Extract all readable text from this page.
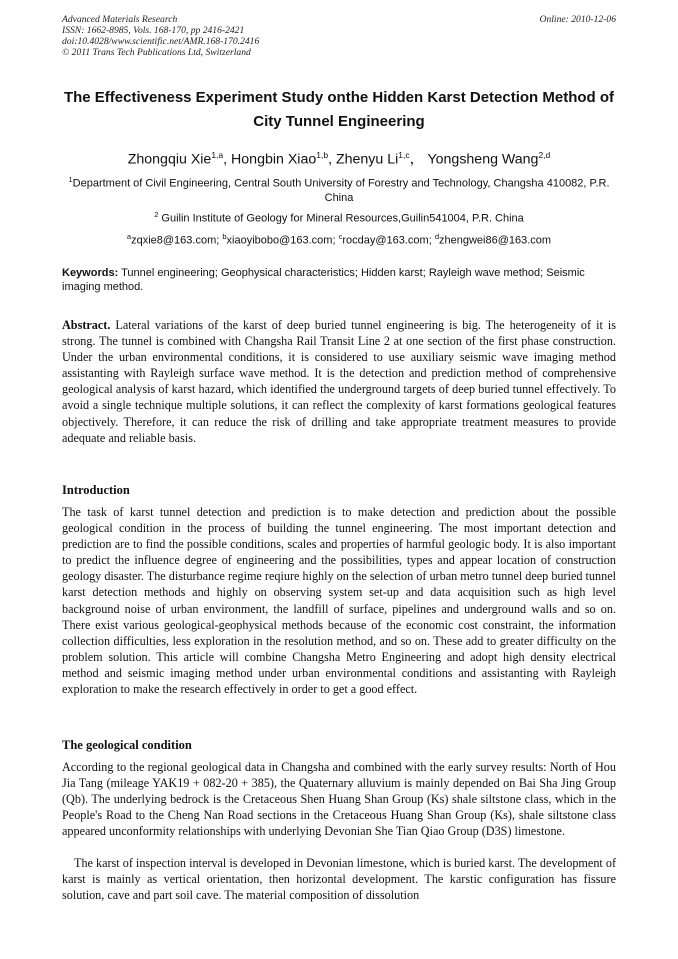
Advanced Materials Research
ISSN: 1662-8985, Vols. 168-170, pp 2416-2421
doi:10.4028/www.scientific.net/AMR.168-170.2416
© 2011 Trans Tech Publications Ltd, Switzerland
Online: 2010-12-06
The Effectiveness Experiment Study onthe Hidden Karst Detection Method of City Tunnel Engineering
Zhongqiu Xie$^{1,a}$, Hongbin Xiao$^{1,b}$, Zhenyu Li$^{1,c}$， Yongsheng Wang$^{2,d}$
$^1$Department of Civil Engineering, Central South University of Forestry and Technology, Changsha 410082, P.R. China
$^2$ Guilin Institute of Geology for Mineral Resources,Guilin541004, P.R. China
$^a$zqxie8@163.com; $^b$xiaoyibobo@163.com; $^c$rocday@163.com; $^d$zhengwei86@163.com
Keywords: Tunnel engineering; Geophysical characteristics; Hidden karst; Rayleigh wave method; Seismic imaging method.
Abstract. Lateral variations of the karst of deep buried tunnel engineering is big. The heterogeneity of it is strong. The tunnel is combined with Changsha Rail Transit Line 2 at one section of the first phase construction. Under the urban environmental conditions, it is considered to use auxiliary seismic wave imaging method assistanting with Rayleigh surface wave method. It is the detection and prediction method of comprehensive geological analysis of karst hazard, which identified the underground targets of deep buried tunnel effectively. To avoid a single technique multiple solutions, it can reflect the complexity of karst formations geological features objectively. Therefore, it can reduce the risk of drilling and take appropriate treatment measures to provide adequate and reliable basis.
Introduction
The task of karst tunnel detection and prediction is to make detection and prediction about the possible geological condition in the process of building the tunnel engineering. The most important detection and prediction are to find the possible conditions, scales and properties of harmful geologic body. It is also important to predict the influence degree of engineering and the possibilities, types and appear location of construction geology disaster. The disturbance regime reqiure highly on the selection of urban metro tunnel deep buried tunnel karst detection methods and highly on observing system set-up and data acquisition such as high level background noise of urban environment, the landfill of surface, pipelines and underground walls and so on. There exist various geological-geophysical methods because of the economic cost constraint, the information collection difficulties, less exploration in the resolution method, and so on. These add to greater difficulty on the problem solution. This article will combine Changsha Metro Engineering and adopt high density electrical method and seismic imaging method under urban environmental conditions and assistanting with Rayleigh exploration to make the research effectively in order to get a good effect.
The geological condition
According to the regional geological data in Changsha and combined with the early survey results: North of Hou Jia Tang (mileage YAK19 + 082-20 + 385), the Quaternary alluvium is mainly depended on Bai Sha Jing Group (Qb). The underlying bedrock is the Cretaceous Shen Huang Shan Group (Ks) shale siltstone class, which in the People's Road to the Cheng Nan Road sections in the Cretaceous Huang Shan Group (Ks), shale siltstone class appeared unconformity relationships with underlying Devonian She Tian Qiao Group (D3S) limestone.
The karst of inspection interval is developed in Devonian limestone, which is buried karst. The development of karst is mainly as vertical orientation, then horizontal development. The karstic configuration has fissure solution, cave and part soil cave. The material composition of dissolution
